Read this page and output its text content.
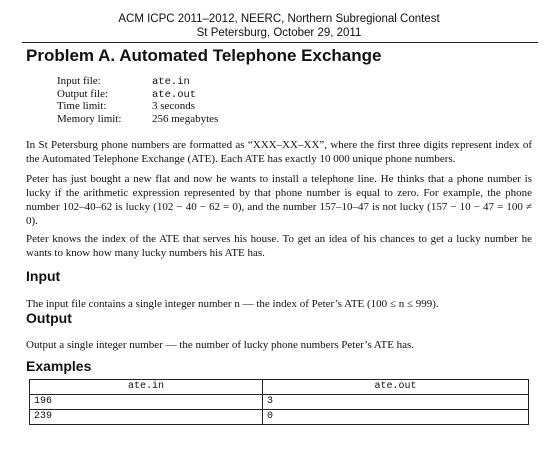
ACM ICPC 2011–2012, NEERC, Northern Subregional Contest
St Petersburg, October 29, 2011
Problem A. Automated Telephone Exchange
Input file:	ate.in
Output file:	ate.out
Time limit:	3 seconds
Memory limit:	256 megabytes
In St Petersburg phone numbers are formatted as “XXX–XX–XX”, where the first three digits represent index of the Automated Telephone Exchange (ATE). Each ATE has exactly 10 000 unique phone numbers.
Peter has just bought a new flat and now he wants to install a telephone line. He thinks that a phone number is lucky if the arithmetic expression represented by that phone number is equal to zero. For example, the phone number 102–40–62 is lucky (102 − 40 − 62 = 0), and the number 157–10–47 is not lucky (157 − 10 − 47 = 100 ≠ 0).
Peter knows the index of the ATE that serves his house. To get an idea of his chances to get a lucky number he wants to know how many lucky numbers his ATE has.
Input
The input file contains a single integer number n — the index of Peter’s ATE (100 ≤ n ≤ 999).
Output
Output a single integer number — the number of lucky phone numbers Peter’s ATE has.
Examples
ate.in	ate.out
196	3
239	0
